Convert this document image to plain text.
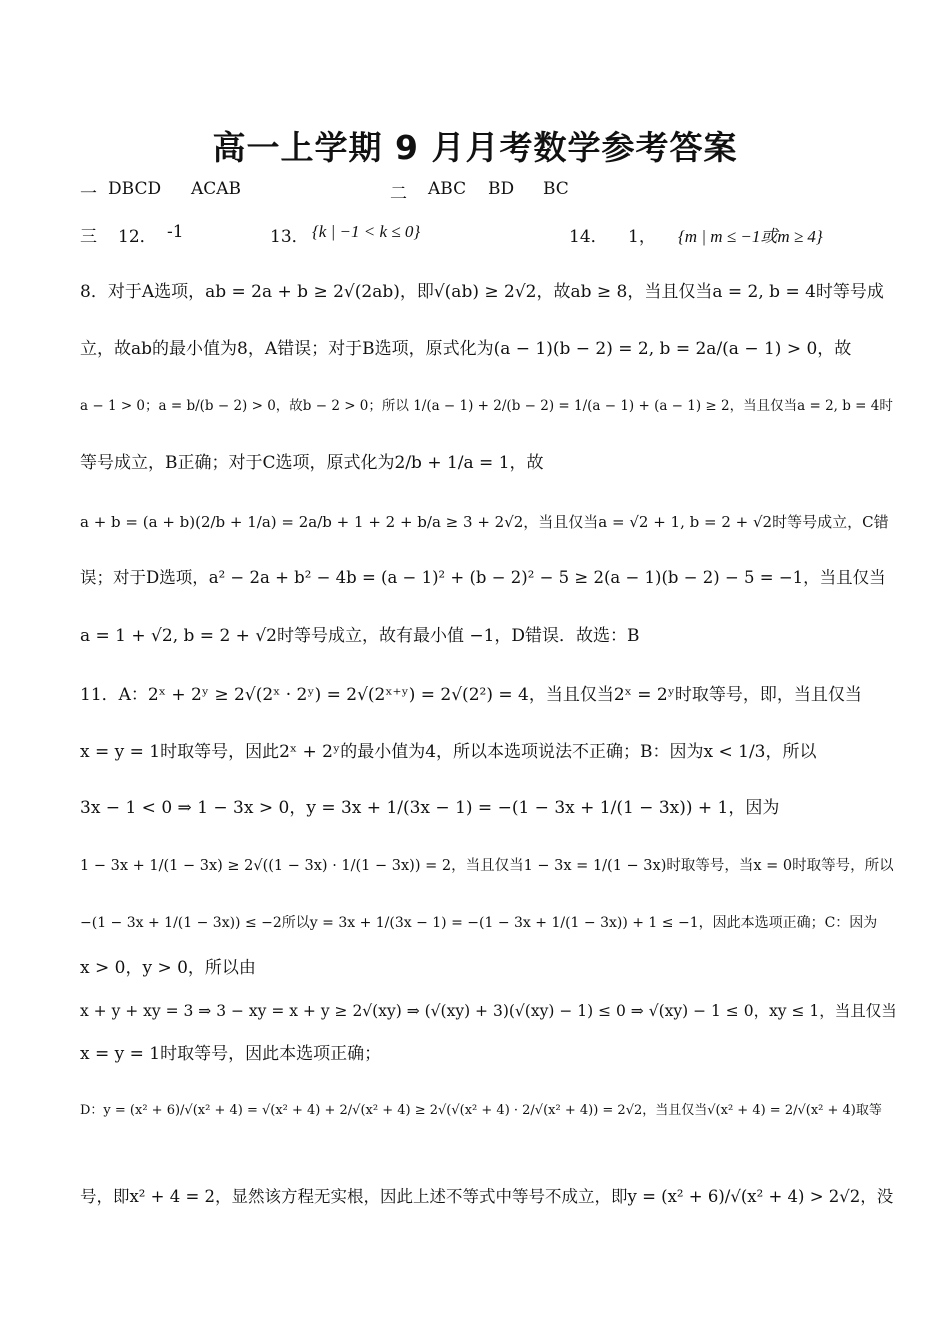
高一上学期 9 月月考数学参考答案
一 DBCD ACAB	二 ABC BD BC
三 12． -1	13． {k | −1 < k ≤ 0}	14． 1， {m | m ≤ −1或m ≥ 4}
8．对于A选项，ab = 2a + b ≥ 2√(2ab)，即√(ab) ≥ 2√2，故ab ≥ 8，当且仅当a = 2, b = 4时等号成
立，故ab的最小值为8，A错误；对于B选项，原式化为(a − 1)(b − 2) = 2, b = 2a/(a − 1) > 0，故
a − 1 > 0；a = b/(b − 2) > 0，故b − 2 > 0；所以 1/(a − 1) + 2/(b − 2) = 1/(a − 1) + (a − 1) ≥ 2，当且仅当a = 2, b = 4时
等号成立，B正确；对于C选项，原式化为2/b + 1/a = 1，故
a + b = (a + b)(2/b + 1/a) = 2a/b + 1 + 2 + b/a ≥ 3 + 2√2，当且仅当a = √2 + 1, b = 2 + √2时等号成立，C错
误；对于D选项，a² − 2a + b² − 4b = (a − 1)² + (b − 2)² − 5 ≥ 2(a − 1)(b − 2) − 5 = −1，当且仅当
a = 1 + √2, b = 2 + √2时等号成立，故有最小值 −1，D错误．故选：B
11．A：2ˣ + 2ʸ ≥ 2√(2ˣ · 2ʸ) = 2√(2ˣ⁺ʸ) = 2√(2²) = 4，当且仅当2ˣ = 2ʸ时取等号，即，当且仅当
x = y = 1时取等号，因此2ˣ + 2ʸ的最小值为4，所以本选项说法不正确；B：因为x < 1/3，所以
3x − 1 < 0 ⇒ 1 − 3x > 0，y = 3x + 1/(3x − 1) = −(1 − 3x + 1/(1 − 3x)) + 1，因为
1 − 3x + 1/(1 − 3x) ≥ 2√((1 − 3x) · 1/(1 − 3x)) = 2，当且仅当1 − 3x = 1/(1 − 3x)时取等号，当x = 0时取等号，所以
−(1 − 3x + 1/(1 − 3x)) ≤ −2所以y = 3x + 1/(3x − 1) = −(1 − 3x + 1/(1 − 3x)) + 1 ≤ −1，因此本选项正确；C：因为
x > 0，y > 0，所以由
x + y + xy = 3 ⇒ 3 − xy = x + y ≥ 2√(xy) ⇒ (√(xy) + 3)(√(xy) − 1) ≤ 0 ⇒ √(xy) − 1 ≤ 0，xy ≤ 1，当且仅当
x = y = 1时取等号，因此本选项正确；
D：y = (x² + 6)/√(x² + 4) = √(x² + 4) + 2/√(x² + 4) ≥ 2√(√(x² + 4) · 2/√(x² + 4)) = 2√2，当且仅当√(x² + 4) = 2/√(x² + 4)取等
号，即x² + 4 = 2，显然该方程无实根，因此上述不等式中等号不成立，即y = (x² + 6)/√(x² + 4) > 2√2，没
